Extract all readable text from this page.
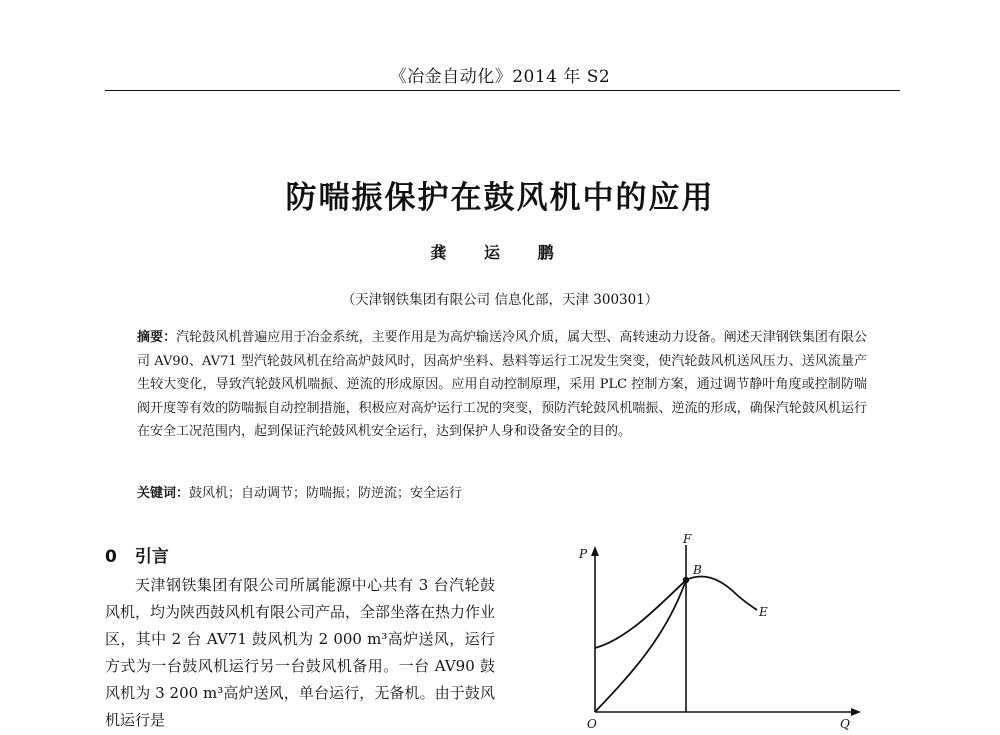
《冶金自动化》2014 年 S2
防喘振保护在鼓风机中的应用
龚 运 鹏
（天津钢铁集团有限公司 信息化部，天津 300301）
摘要：汽轮鼓风机普遍应用于冶金系统，主要作用是为高炉输送冷风介质，属大型、高转速动力设备。阐述天津钢铁集团有限公司 AV90、AV71 型汽轮鼓风机在给高炉鼓风时，因高炉坐料、悬料等运行工况发生突变，使汽轮鼓风机送风压力、送风流量产生较大变化，导致汽轮鼓风机喘振、逆流的形成原因。应用自动控制原理，采用 PLC 控制方案，通过调节静叶角度或控制防喘阀开度等有效的防喘振自动控制措施，积极应对高炉运行工况的突变，预防汽轮鼓风机喘振、逆流的形成，确保汽轮鼓风机运行在安全工况范围内，起到保证汽轮鼓风机安全运行，达到保护人身和设备安全的目的。
关键词：鼓风机；自动调节；防喘振；防逆流；安全运行
0 引言

天津钢铁集团有限公司所属能源中心共有 3 台汽轮鼓风机，均为陕西鼓风机有限公司产品，全部坐落在热力作业区，其中 2 台 AV71 鼓风机为 2 000 m³高炉送风，运行方式为一台鼓风机运行另一台鼓风机备用。一台 AV90 鼓风机为 3 200 m³高炉送风，单台运行，无备机。由于鼓风机运行是

P
F
B
E
O	Q
